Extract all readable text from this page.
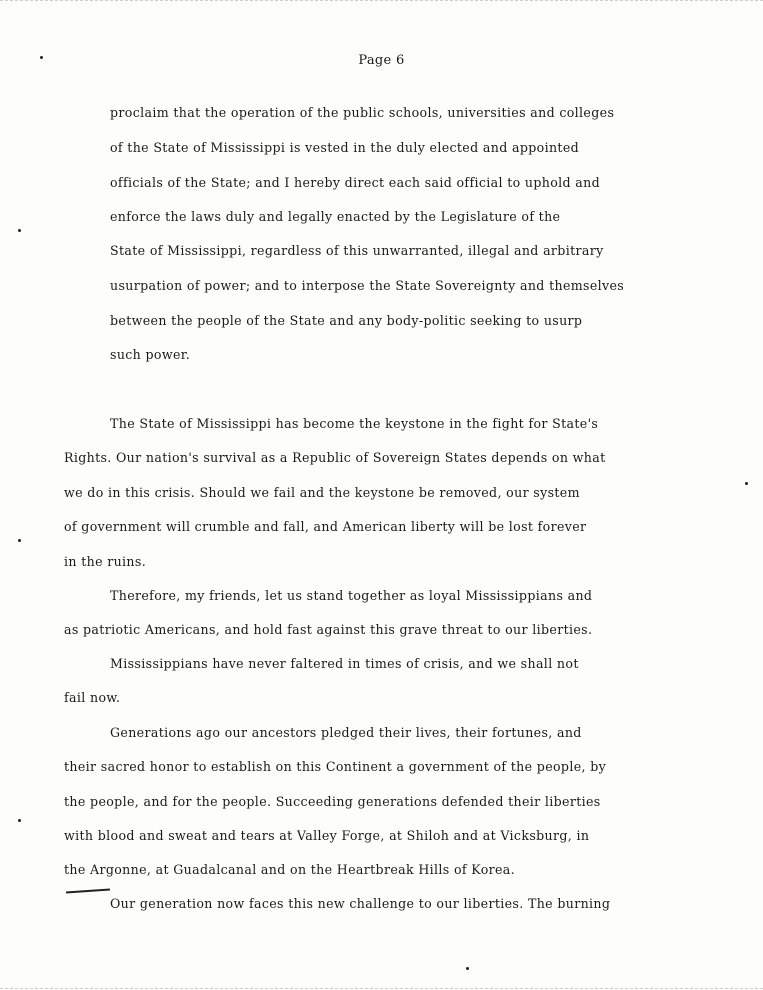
Page 6
proclaim that the operation of the public schools, universities and colleges
of the State of Mississippi is vested in the duly elected and appointed
officials of the State; and I hereby direct each said official to uphold and
enforce the laws duly and legally enacted by the Legislature of the
State of Mississippi, regardless of this unwarranted, illegal and arbitrary
usurpation of power; and to interpose the State Sovereignty and themselves
between the people of the State and any body-politic seeking to usurp
such power.
The State of Mississippi has become the keystone in the fight for State's
Rights. Our nation's survival as a Republic of Sovereign States depends on what
we do in this crisis. Should we fail and the keystone be removed, our system
of government will crumble and fall, and American liberty will be lost forever
in the ruins.
Therefore, my friends, let us stand together as loyal Mississippians and
as patriotic Americans, and hold fast against this grave threat to our liberties.
Mississippians have never faltered in times of crisis, and we shall not
fail now.
Generations ago our ancestors pledged their lives, their fortunes, and
their sacred honor to establish on this Continent a government of the people, by
the people, and for the people. Succeeding generations defended their liberties
with blood and sweat and tears at Valley Forge, at Shiloh and at Vicksburg, in
the Argonne, at Guadalcanal and on the Heartbreak Hills of Korea.
Our generation now faces this new challenge to our liberties. The burning
